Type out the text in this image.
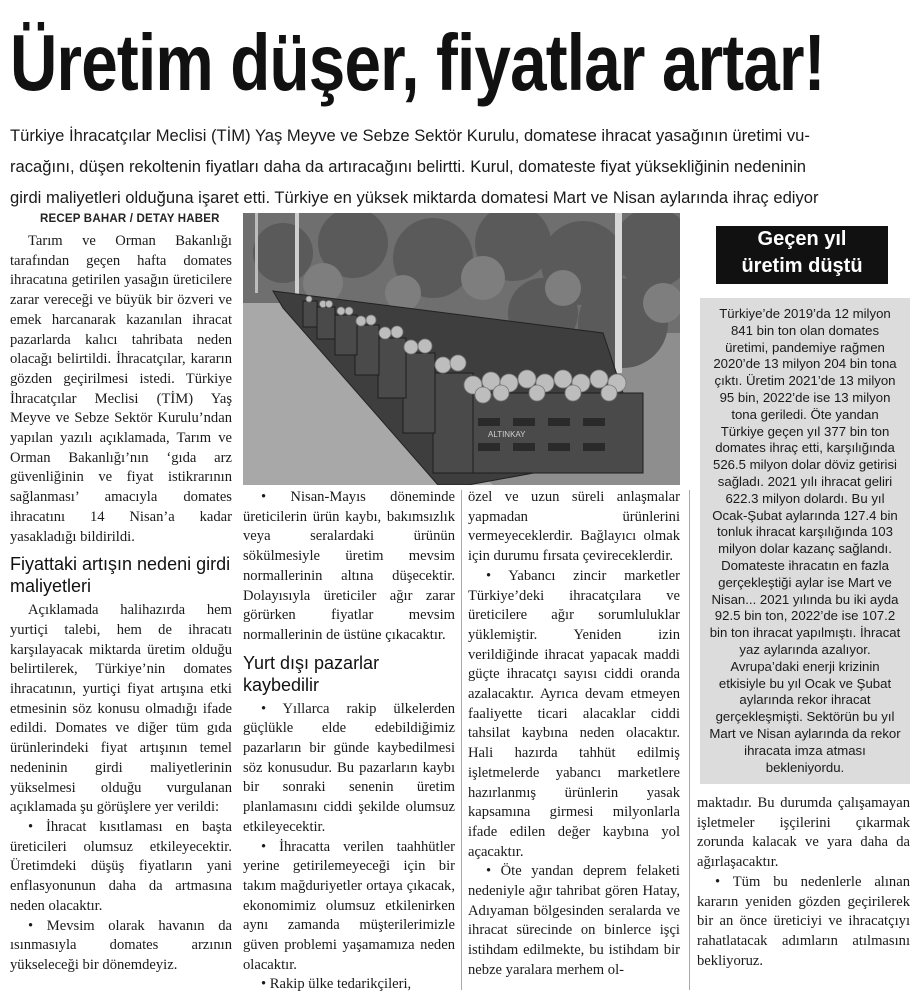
Üretim düşer, fiyatlar artar!
Türkiye İhracatçılar Meclisi (TİM) Yaş Meyve ve Sebze Sektör Kurulu, domatese ihracat yasağının üretimi vu-
racağını, düşen rekoltenin fiyatları daha da artıracağını belirtti. Kurul, domateste fiyat yüksekliğinin nedeninin
girdi maliyetleri olduğuna işaret etti. Türkiye en yüksek miktarda domatesi Mart ve Nisan aylarında ihraç ediyor
RECEP BAHAR / DETAY HABER

Tarım ve Orman Bakanlığı tarafından geçen hafta domates ihracatına getirilen yasağın üreticilere zarar vereceği ve büyük bir özveri ve emek harcanarak kazanılan ihracat pazarlarda kalıcı tahribata neden olacağı belirtildi. İhracatçılar, kararın gözden geçirilmesi istedi. Türkiye İhracatçılar Meclisi (TİM) Yaş Meyve ve Sebze Sektör Kurulu’ndan yapılan yazılı açıklamada, Tarım ve Orman Bakanlığı’nın ‘gıda arz güvenliğinin ve fiyat istikrarının sağlanması’ amacıyla domates ihracatını 14 Nisan’a kadar yasakladığı bildirildi.

Fiyattaki artışın nedeni girdi maliyetleri

Açıklamada halihazırda hem yurtiçi talebi, hem de ihracatı karşılayacak miktarda üretim olduğu belirtilerek, Türkiye’nin domates ihracatının, yurtiçi fiyat artışına etki etmesinin söz konusu olmadığı ifade edildi. Domates ve diğer tüm gıda ürünlerindeki fiyat artışının temel nedeninin girdi maliyetlerinin yükselmesi olduğu vurgulanan açıklamada şu görüşlere yer verildi:

• İhracat kısıtlaması en başta üreticileri olumsuz etkileyecektir. Üretimdeki düşüş fiyatların yani enflasyonunun daha da artmasına neden olacaktır.

• Mevsim olarak havanın da ısınmasıyla domates arzının yükseleceği bir dönemdeyiz.

ALTINKAY

• Nisan-Mayıs döneminde üreticilerin ürün kaybı, bakımsızlık veya seralardaki ürünün sökülmesiyle üretim mevsim normallerinin altına düşecektir. Dolayısıyla üreticiler ağır zarar görürken fiyatlar mevsim normallerinin de üstüne çıkacaktır.

Yurt dışı pazarlar kaybedilir

• Yıllarca rakip ülkelerden güçlükle elde edebildiğimiz pazarların bir günde kaybedilmesi söz konusudur. Bu pazarların kaybı bir sonraki senenin üretim planlamasını ciddi şekilde olumsuz etkileyecektir.

• İhracatta verilen taahhütler yerine getirilemeyeceği için bir takım mağduriyetler ortaya çıkacak, ekonomimiz olumsuz etkilenirken aynı zamanda müşterilerimizle güven problemi yaşamamıza neden olacaktır.

• Rakip ülke tedarikçileri,

özel ve uzun süreli anlaşmalar yapmadan ürünlerini vermeyeceklerdir. Bağlayıcı olmak için durumu fırsata çevireceklerdir.

• Yabancı zincir marketler Türkiye’deki ihracatçılara ve üreticilere ağır sorumluluklar yüklemiştir. Yeniden izin verildiğinde ihracat yapacak maddi güçte ihracatçı sayısı ciddi oranda azalacaktır. Ayrıca devam etmeyen faaliyette ticari alacaklar ciddi tahsilat kaybına neden olacaktır. Hali hazırda tahhüt edilmiş işletmelerde yabancı marketlere hazırlanmış ürünlerin yasak kapsamına girmesi milyonlarla ifade edilen değer kaybına yol açacaktır.

• Öte yandan deprem felaketi nedeniyle ağır tahribat gören Hatay, Adıyaman bölgesinden seralarda ve ihracat sürecinde on binlerce işçi istihdam edilmekte, bu istihdam bir nebze yaralara merhem ol-

Geçen yıl
üretim düştü

Türkiye’de 2019’da 12 milyon 841 bin ton olan domates üretimi, pandemiye rağmen 2020’de 13 milyon 204 bin tona çıktı. Üretim 2021’de 13 milyon 95 bin, 2022’de ise 13 milyon tona geriledi. Öte yandan Türkiye geçen yıl 377 bin ton domates ihraç etti, karşılığında 526.5 milyon dolar döviz getirisi sağladı. 2021 yılı ihracat geliri 622.3 milyon dolardı. Bu yıl Ocak-Şubat aylarında 127.4 bin tonluk ihracat karşılığında 103 milyon dolar kazanç sağlandı. Domateste ihracatın en fazla gerçekleştiği aylar ise Mart ve Nisan... 2021 yılında bu iki ayda 92.5 bin ton, 2022’de ise 107.2 bin ton ihracat yapılmıştı. İhracat yaz aylarında azalıyor. Avrupa’daki enerji krizinin etkisiyle bu yıl Ocak ve Şubat aylarında rekor ihracat gerçekleşmişti. Sektörün bu yıl Mart ve Nisan aylarında da rekor ihracata imza atması bekleniyordu.

maktadır. Bu durumda çalışamayan işletmeler işçilerini çıkarmak zorunda kalacak ve yara daha da ağırlaşacaktır.

• Tüm bu nedenlerle alınan kararın yeniden gözden geçirilerek bir an önce üreticiyi ve ihracatçıyı rahatlatacak adımların atılmasını bekliyoruz.
